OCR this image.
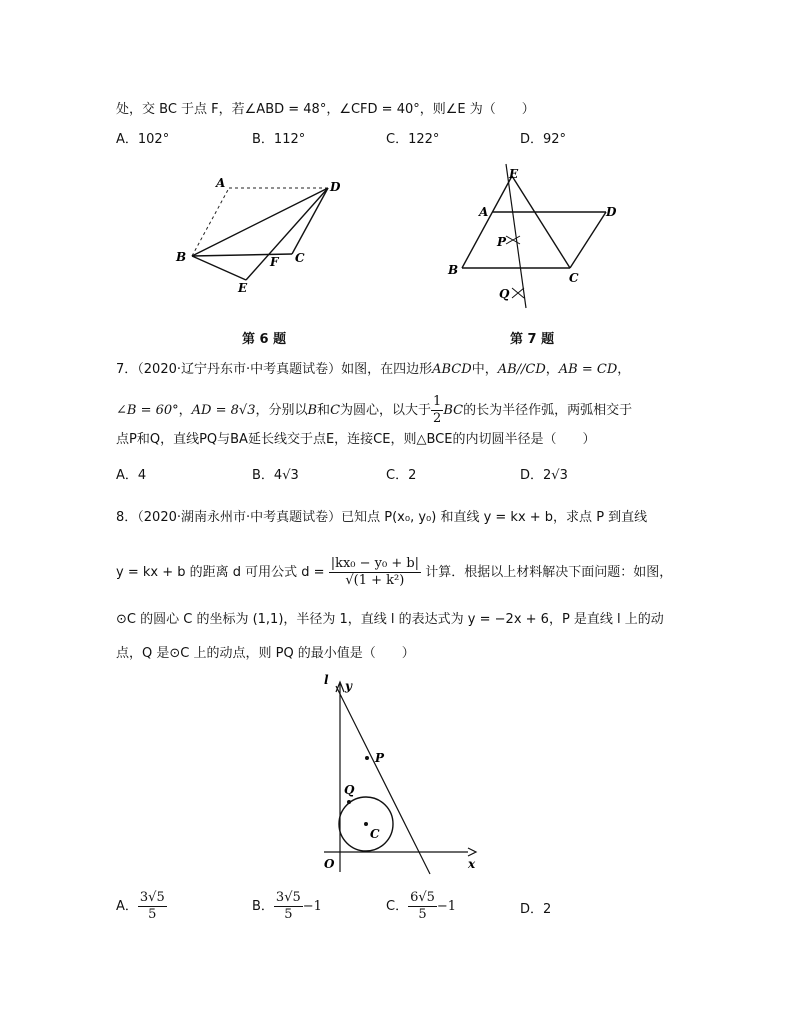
处，交 BC 于点 F，若∠ABD = 48°，∠CFD = 40°，则∠E 为（　　）
A．102°	B．112°	C．122°	D．92°
A	D
B	C
F
E
第 6 题
E
A	D
P
B
C
Q
第 7 题
7．（2020·辽宁丹东市·中考真题试卷）如图，在四边形ABCD中，AB//CD，AB = CD，
∠B = 60°，AD = 8√3，分别以B和C为圆心，以大于 $\frac{1}{2}$ BC的长为半径作弧，两弧相交于
点P和Q，直线PQ与BA延长线交于点E，连接CE，则△BCE的内切圆半径是（　　）
A．4	B．4√3	C．2	D．2√3
8．（2020·湖南永州市·中考真题试卷）已知点 P(x₀, y₀) 和直线 y = kx + b，求点 P 到直线
y = kx + b 的距离 d 可用公式 $d = \frac{\text{|kx₀ − y₀ + b|}}{\text{√(1 + k²)}}$ 计算．根据以上材料解决下面问题：如图，
⊙C 的圆心 C 的坐标为 (1,1)，半径为 1，直线 l 的表达式为 y = −2x + 6，P 是直线 l 上的动
点，Q 是⊙C 上的动点，则 PQ 的最小值是（　　）
l y
x
O
P
Q
C
A． $\frac{3√5}{5}$	B． $\frac{3√5}{5} -1$	C． $\frac{6√5}{5} -1$	D．2
